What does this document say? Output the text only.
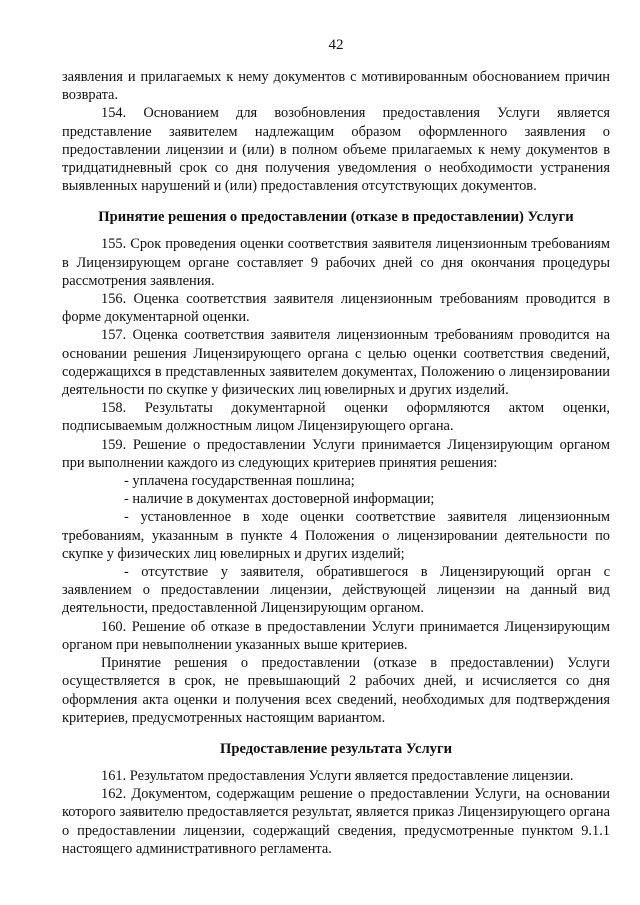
42

заявления и прилагаемых к нему документов с мотивированным обоснованием причин возврата.

154. Основанием для возобновления предоставления Услуги является представление заявителем надлежащим образом оформленного заявления о предоставлении лицензии и (или) в полном объеме прилагаемых к нему документов в тридцатидневный срок со дня получения уведомления о необходимости устранения выявленных нарушений и (или) предоставления отсутствующих документов.

Принятие решения о предоставлении (отказе в предоставлении) Услуги

155. Срок проведения оценки соответствия заявителя лицензионным требованиям в Лицензирующем органе составляет 9 рабочих дней со дня окончания процедуры рассмотрения заявления.

156. Оценка соответствия заявителя лицензионным требованиям проводится в форме документарной оценки.

157. Оценка соответствия заявителя лицензионным требованиям проводится на основании решения Лицензирующего органа с целью оценки соответствия сведений, содержащихся в представленных заявителем документах, Положению о лицензировании деятельности по скупке у физических лиц ювелирных и других изделий.

158. Результаты документарной оценки оформляются актом оценки, подписываемым должностным лицом Лицензирующего органа.

159. Решение о предоставлении Услуги принимается Лицензирующим органом при выполнении каждого из следующих критериев принятия решения:

- уплачена государственная пошлина;

- наличие в документах достоверной информации;

- установленное в ходе оценки соответствие заявителя лицензионным требованиям, указанным в пункте 4 Положения о лицензировании деятельности по скупке у физических лиц ювелирных и других изделий;

- отсутствие у заявителя, обратившегося в Лицензирующий орган с заявлением о предоставлении лицензии, действующей лицензии на данный вид деятельности, предоставленной Лицензирующим органом.

160. Решение об отказе в предоставлении Услуги принимается Лицензирующим органом при невыполнении указанных выше критериев.

Принятие решения о предоставлении (отказе в предоставлении) Услуги осуществляется в срок, не превышающий 2 рабочих дней, и исчисляется со дня оформления акта оценки и получения всех сведений, необходимых для подтверждения критериев, предусмотренных настоящим вариантом.

Предоставление результата Услуги

161. Результатом предоставления Услуги является предоставление лицензии.

162. Документом, содержащим решение о предоставлении Услуги, на основании которого заявителю предоставляется результат, является приказ Лицензирующего органа о предоставлении лицензии, содержащий сведения, предусмотренные пунктом 9.1.1 настоящего административного регламента.
